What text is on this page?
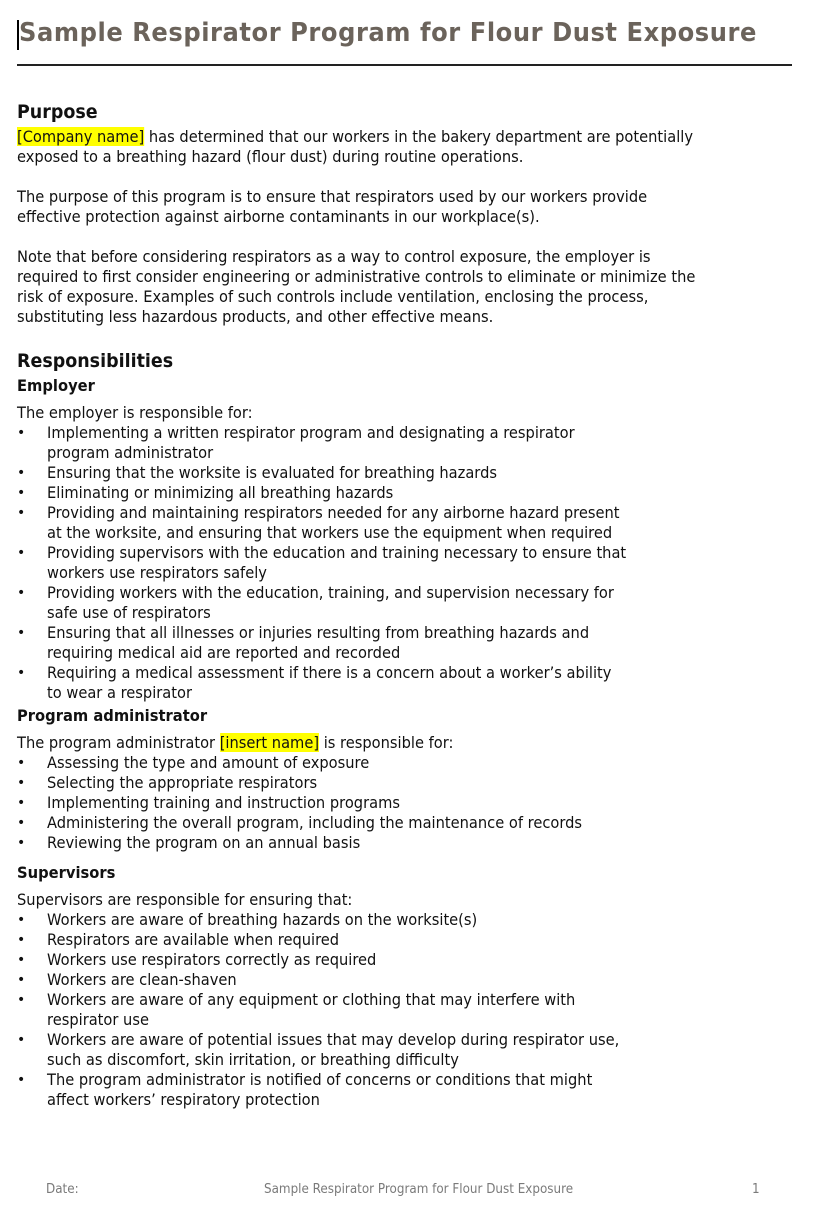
Sample Respirator Program for Flour Dust Exposure
Purpose

[Company name] has determined that our workers in the bakery department are potentially
exposed to a breathing hazard (flour dust) during routine operations.

The purpose of this program is to ensure that respirators used by our workers provide
effective protection against airborne contaminants in our workplace(s).

Note that before considering respirators as a way to control exposure, the employer is
required to first consider engineering or administrative controls to eliminate or minimize the
risk of exposure. Examples of such controls include ventilation, enclosing the process,
substituting less hazardous products, and other effective means.

Responsibilities
Employer

The employer is responsible for:

• Implementing a written respirator program and designating a respirator
program administrator
• Ensuring that the worksite is evaluated for breathing hazards
• Eliminating or minimizing all breathing hazards
• Providing and maintaining respirators needed for any airborne hazard present
at the worksite, and ensuring that workers use the equipment when required
• Providing supervisors with the education and training necessary to ensure that
workers use respirators safely
• Providing workers with the education, training, and supervision necessary for
safe use of respirators
• Ensuring that all illnesses or injuries resulting from breathing hazards and
requiring medical aid are reported and recorded
• Requiring a medical assessment if there is a concern about a worker’s ability
to wear a respirator
Program administrator

The program administrator [insert name] is responsible for:

• Assessing the type and amount of exposure
• Selecting the appropriate respirators
• Implementing training and instruction programs
• Administering the overall program, including the maintenance of records
• Reviewing the program on an annual basis
Supervisors

Supervisors are responsible for ensuring that:

• Workers are aware of breathing hazards on the worksite(s)
• Respirators are available when required
• Workers use respirators correctly as required
• Workers are clean-shaven
• Workers are aware of any equipment or clothing that may interfere with
respirator use
• Workers are aware of potential issues that may develop during respirator use,
such as discomfort, skin irritation, or breathing difficulty
• The program administrator is notified of concerns or conditions that might
affect workers’ respiratory protection
Date:	Sample Respirator Program for Flour Dust Exposure	1
